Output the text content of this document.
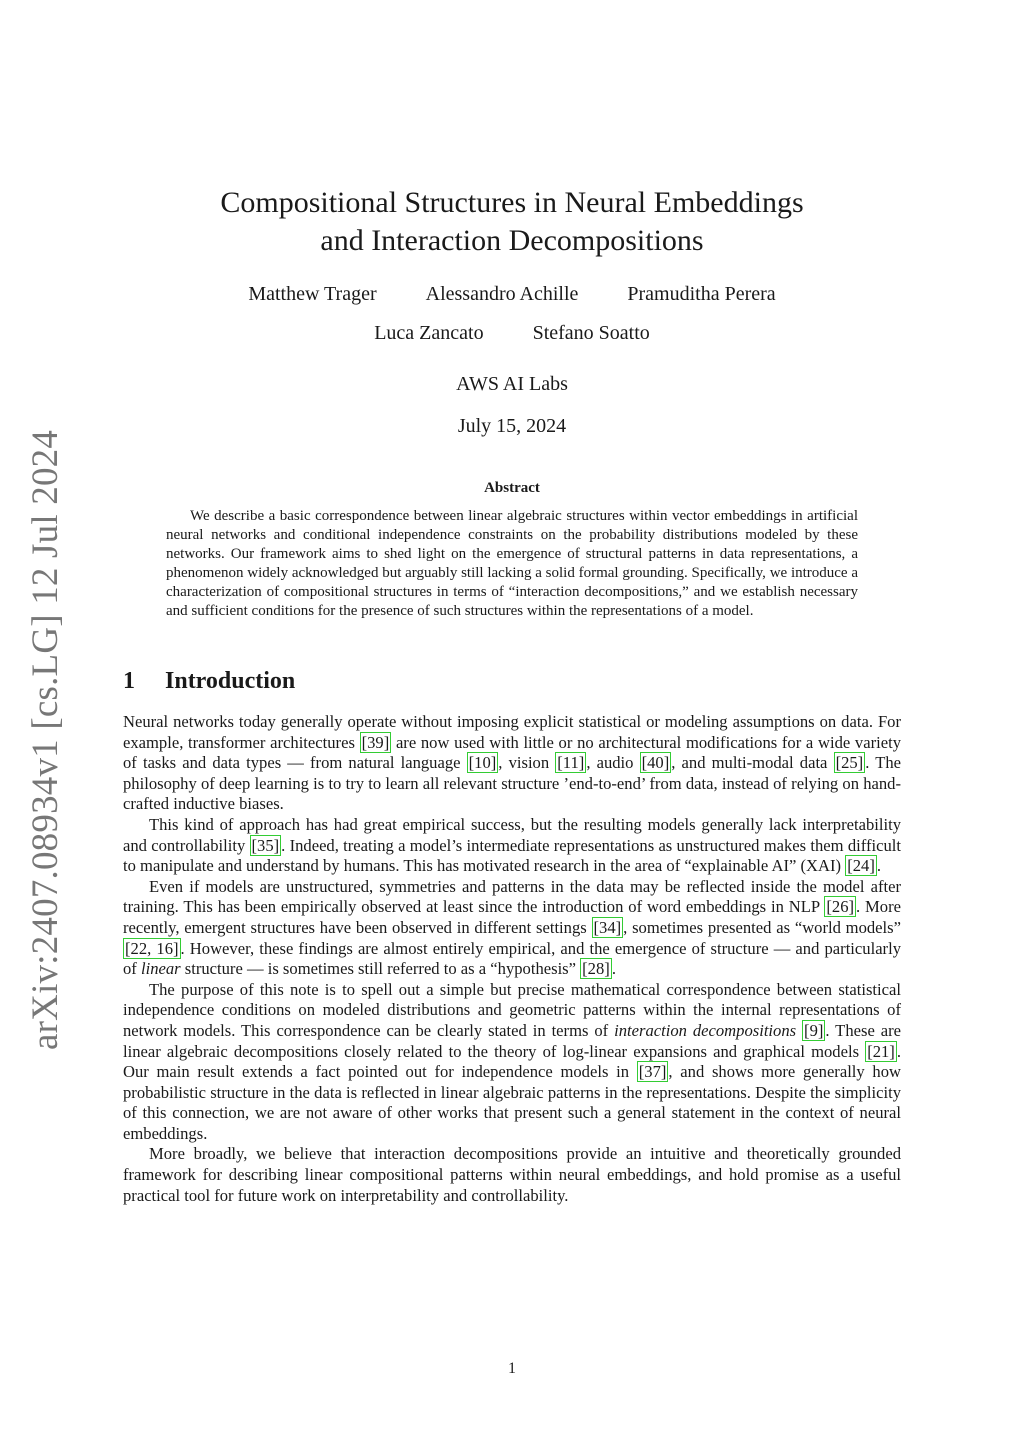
arXiv:2407.08934v1 [cs.LG] 12 Jul 2024
Compositional Structures in Neural Embeddings
and Interaction Decompositions
Matthew Trager Alessandro Achille Pramuditha Perera
Luca Zancato Stefano Soatto
AWS AI Labs
July 15, 2024
Abstract
We describe a basic correspondence between linear algebraic structures within vector embeddings in artificial neural networks and conditional independence constraints on the probability distributions modeled by these networks. Our framework aims to shed light on the emergence of structural patterns in data representations, a phenomenon widely acknowledged but arguably still lacking a solid formal grounding. Specifically, we introduce a characterization of compositional structures in terms of “interaction decompositions,” and we establish necessary and sufficient conditions for the presence of such structures within the representations of a model.
1 Introduction

Neural networks today generally operate without imposing explicit statistical or modeling assumptions on data. For example, transformer architectures [39] are now used with little or no architectural modifications for a wide variety of tasks and data types — from natural language [10] , vision [11] , audio [40] , and multi-modal data [25] . The philosophy of deep learning is to try to learn all relevant structure ’end-to-end’ from data, instead of relying on hand-crafted inductive biases.

This kind of approach has had great empirical success, but the resulting models generally lack interpretability and controllability [35] . Indeed, treating a model’s intermediate representations as unstructured makes them difficult to manipulate and understand by humans. This has motivated research in the area of “explainable AI” (XAI) [24] .

Even if models are unstructured, symmetries and patterns in the data may be reflected inside the model after training. This has been empirically observed at least since the introduction of word embeddings in NLP [26] . More recently, emergent structures have been observed in different settings [34] , sometimes presented as “world models” [22, 16] . However, these findings are almost entirely empirical, and the emergence of structure — and particularly of linear structure — is sometimes still referred to as a “hypothesis” [28] .

The purpose of this note is to spell out a simple but precise mathematical correspondence between statistical independence conditions on modeled distributions and geometric patterns within the internal representations of network models. This correspondence can be clearly stated in terms of interaction decompositions [9] . These are linear algebraic decompositions closely related to the theory of log-linear expansions and graphical models [21] . Our main result extends a fact pointed out for independence models in [37] , and shows more generally how probabilistic structure in the data is reflected in linear algebraic patterns in the representations. Despite the simplicity of this connection, we are not aware of other works that present such a general statement in the context of neural embeddings.

More broadly, we believe that interaction decompositions provide an intuitive and theoretically grounded framework for describing linear compositional patterns within neural embeddings, and hold promise as a useful practical tool for future work on interpretability and controllability.

1
